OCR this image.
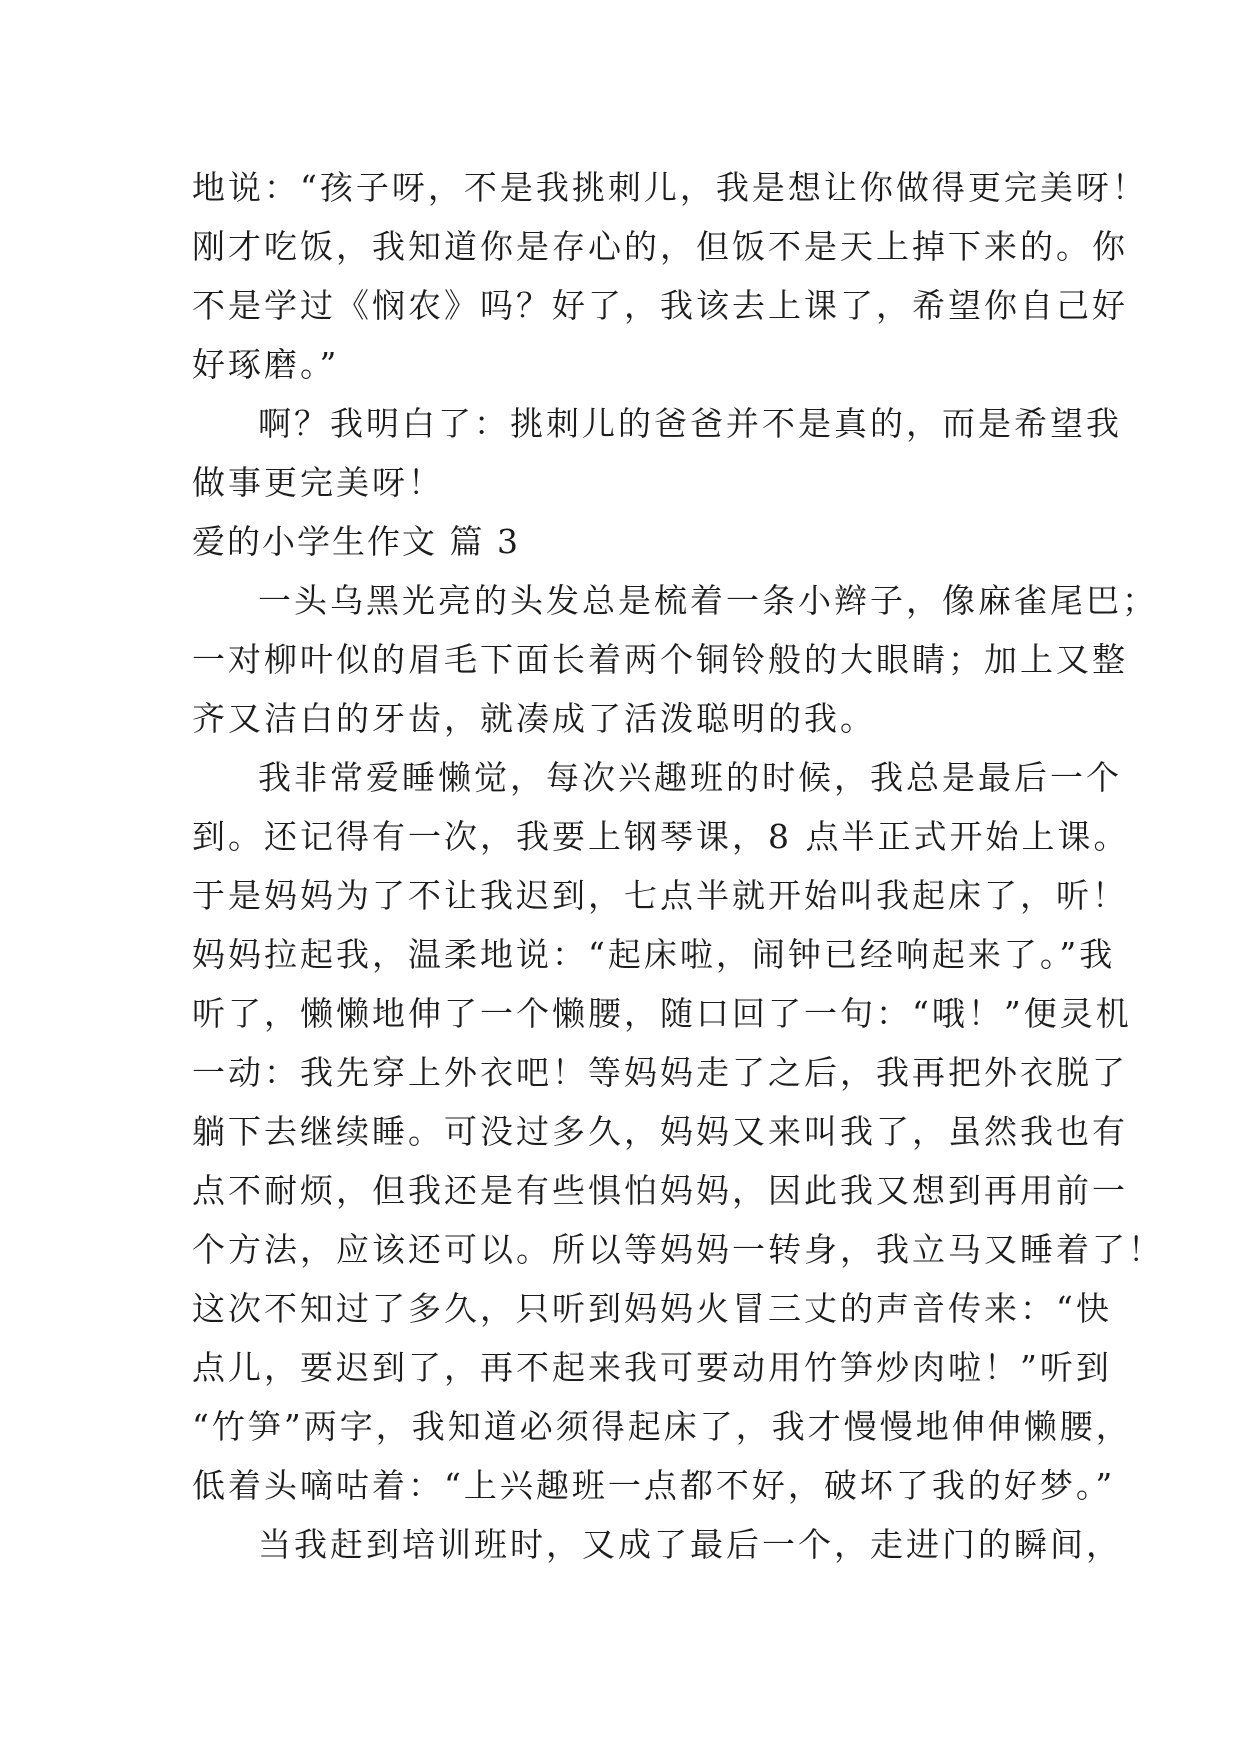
地说：“孩子呀，不是我挑刺儿，我是想让你做得更完美呀！
刚才吃饭，我知道你是存心的，但饭不是天上掉下来的。你
不是学过《悯农》吗？好了，我该去上课了，希望你自己好
好琢磨。”
啊？我明白了：挑刺儿的爸爸并不是真的，而是希望我
做事更完美呀！
爱的小学生作文 篇 3
一头乌黑光亮的头发总是梳着一条小辫子，像麻雀尾巴；
一对柳叶似的眉毛下面长着两个铜铃般的大眼睛；加上又整
齐又洁白的牙齿，就凑成了活泼聪明的我。
我非常爱睡懒觉，每次兴趣班的时候，我总是最后一个
到。还记得有一次，我要上钢琴课，8 点半正式开始上课。
于是妈妈为了不让我迟到，七点半就开始叫我起床了，听！
妈妈拉起我，温柔地说：“起床啦，闹钟已经响起来了。”我
听了，懒懒地伸了一个懒腰，随口回了一句：“哦！”便灵机
一动：我先穿上外衣吧！等妈妈走了之后，我再把外衣脱了
躺下去继续睡。可没过多久，妈妈又来叫我了，虽然我也有
点不耐烦，但我还是有些惧怕妈妈，因此我又想到再用前一
个方法，应该还可以。所以等妈妈一转身，我立马又睡着了！
这次不知过了多久，只听到妈妈火冒三丈的声音传来：“快
点儿，要迟到了，再不起来我可要动用竹笋炒肉啦！”听到
“竹笋”两字，我知道必须得起床了，我才慢慢地伸伸懒腰，
低着头嘀咕着：“上兴趣班一点都不好，破坏了我的好梦。”
当我赶到培训班时，又成了最后一个，走进门的瞬间，
